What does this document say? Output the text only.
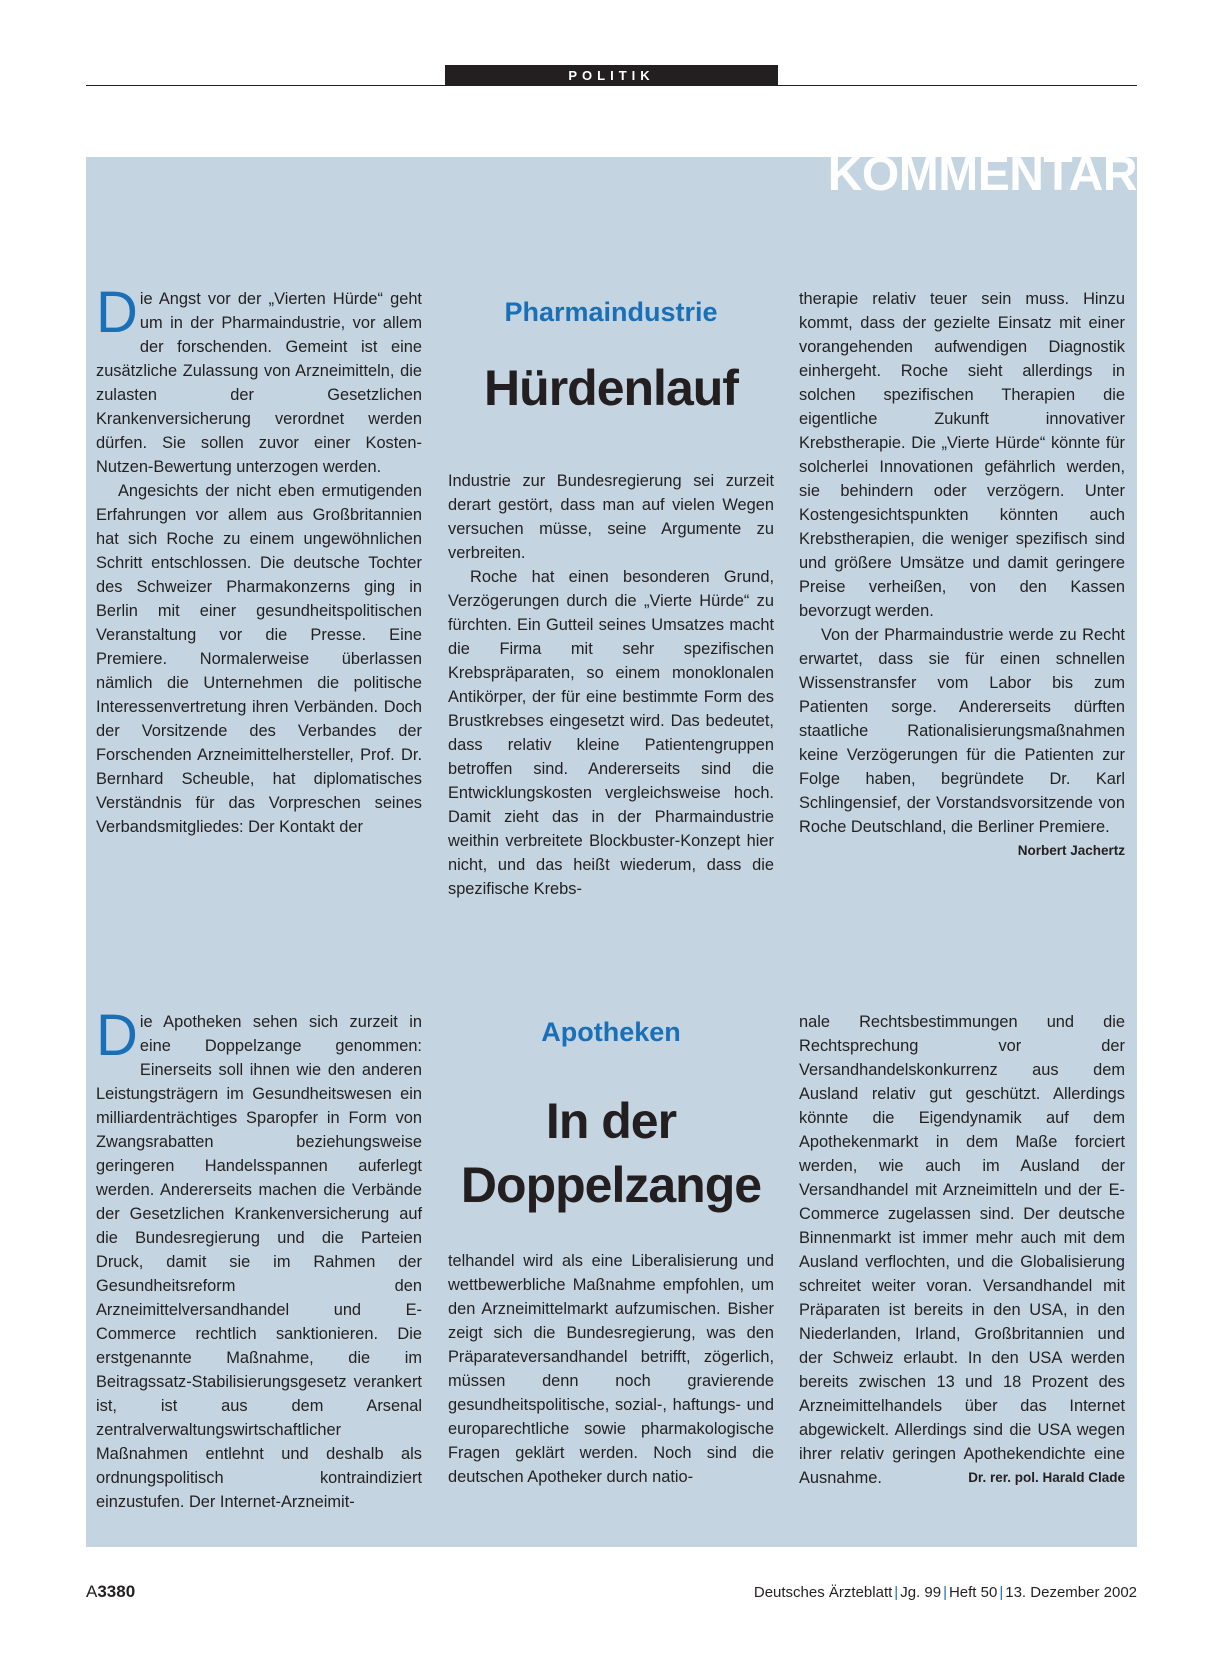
POLITIK
KOMMENTAR

Die Angst vor der „Vierten Hürde“ geht um in der Pharmaindustrie, vor allem der forschenden. Gemeint ist eine zusätzliche Zulassung von Arzneimitteln, die zulasten der Gesetzlichen Krankenversicherung verordnet werden dürfen. Sie sollen zuvor einer Kosten-Nutzen-Bewertung unterzogen werden.

Angesichts der nicht eben ermutigenden Erfahrungen vor allem aus Großbritannien hat sich Roche zu einem ungewöhnlichen Schritt entschlossen. Die deutsche Tochter des Schweizer Pharmakonzerns ging in Berlin mit einer gesundheitspolitischen Veranstaltung vor die Presse. Eine Premiere. Normalerweise überlassen nämlich die Unternehmen die politische Interessenvertretung ihren Verbänden. Doch der Vorsitzende des Verbandes der Forschenden Arzneimittelhersteller, Prof. Dr. Bernhard Scheuble, hat diplomatisches Verständnis für das Vorpreschen seines Verbandsmitgliedes: Der Kontakt der

Pharmaindustrie
Hürdenlauf

Industrie zur Bundesregierung sei zurzeit derart gestört, dass man auf vielen Wegen versuchen müsse, seine Argumente zu verbreiten.

Roche hat einen besonderen Grund, Verzögerungen durch die „Vierte Hürde“ zu fürchten. Ein Gutteil seines Umsatzes macht die Firma mit sehr spezifischen Krebspräparaten, so einem monoklonalen Antikörper, der für eine bestimmte Form des Brustkrebses eingesetzt wird. Das bedeutet, dass relativ kleine Patientengruppen betroffen sind. Andererseits sind die Entwicklungskosten vergleichsweise hoch. Damit zieht das in der Pharmaindustrie weithin verbreitete Blockbuster-Konzept hier nicht, und das heißt wiederum, dass die spezifische Krebs-

therapie relativ teuer sein muss. Hinzu kommt, dass der gezielte Einsatz mit einer vorangehenden aufwendigen Diagnostik einhergeht. Roche sieht allerdings in solchen spezifischen Therapien die eigentliche Zukunft innovativer Krebstherapie. Die „Vierte Hürde“ könnte für solcherlei Innovationen gefährlich werden, sie behindern oder verzögern. Unter Kostengesichtspunkten könnten auch Krebstherapien, die weniger spezifisch sind und größere Umsätze und damit geringere Preise verheißen, von den Kassen bevorzugt werden.

Von der Pharmaindustrie werde zu Recht erwartet, dass sie für einen schnellen Wissenstransfer vom Labor bis zum Patienten sorge. Andererseits dürften staatliche Rationalisierungsmaßnahmen keine Verzögerungen für die Patienten zur Folge haben, begründete Dr. Karl Schlingensief, der Vorstandsvorsitzende von Roche Deutschland, die Berliner Premiere.
Norbert Jachertz

Die Apotheken sehen sich zurzeit in eine Doppelzange genommen: Einerseits soll ihnen wie den anderen Leistungsträgern im Gesundheitswesen ein milliardenträchtiges Sparopfer in Form von Zwangsrabatten beziehungsweise geringeren Handelsspannen auferlegt werden. Andererseits machen die Verbände der Gesetzlichen Krankenversicherung auf die Bundesregierung und die Parteien Druck, damit sie im Rahmen der Gesundheitsreform den Arzneimittelversandhandel und E-Commerce rechtlich sanktionieren. Die erstgenannte Maßnahme, die im Beitragssatz-Stabilisierungsgesetz verankert ist, ist aus dem Arsenal zentralverwaltungswirtschaftlicher Maßnahmen entlehnt und deshalb als ordnungspolitisch kontraindiziert einzustufen. Der Internet-Arzneimit-

Apotheken
In der
Doppelzange

telhandel wird als eine Liberalisierung und wettbewerbliche Maßnahme empfohlen, um den Arzneimittelmarkt aufzumischen. Bisher zeigt sich die Bundesregierung, was den Präparateversandhandel betrifft, zögerlich, müssen denn noch gravierende gesundheitspolitische, sozial-, haftungs- und europarechtliche sowie pharmakologische Fragen geklärt werden. Noch sind die deutschen Apotheker durch natio-

nale Rechtsbestimmungen und die Rechtsprechung vor der Versandhandelskonkurrenz aus dem Ausland relativ gut geschützt. Allerdings könnte die Eigendynamik auf dem Apothekenmarkt in dem Maße forciert werden, wie auch im Ausland der Versandhandel mit Arzneimitteln und der E-Commerce zugelassen sind. Der deutsche Binnenmarkt ist immer mehr auch mit dem Ausland verflochten, und die Globalisierung schreitet weiter voran. Versandhandel mit Präparaten ist bereits in den USA, in den Niederlanden, Irland, Großbritannien und der Schweiz erlaubt. In den USA werden bereits zwischen 13 und 18 Prozent des Arzneimittelhandels über das Internet abgewickelt. Allerdings sind die USA wegen ihrer relativ geringen Apothekendichte eine Ausnahme.	Dr. rer. pol. Harald Clade

A3380	Deutsches Ärzteblatt | Jg. 99 | Heft 50 | 13. Dezember 2002
